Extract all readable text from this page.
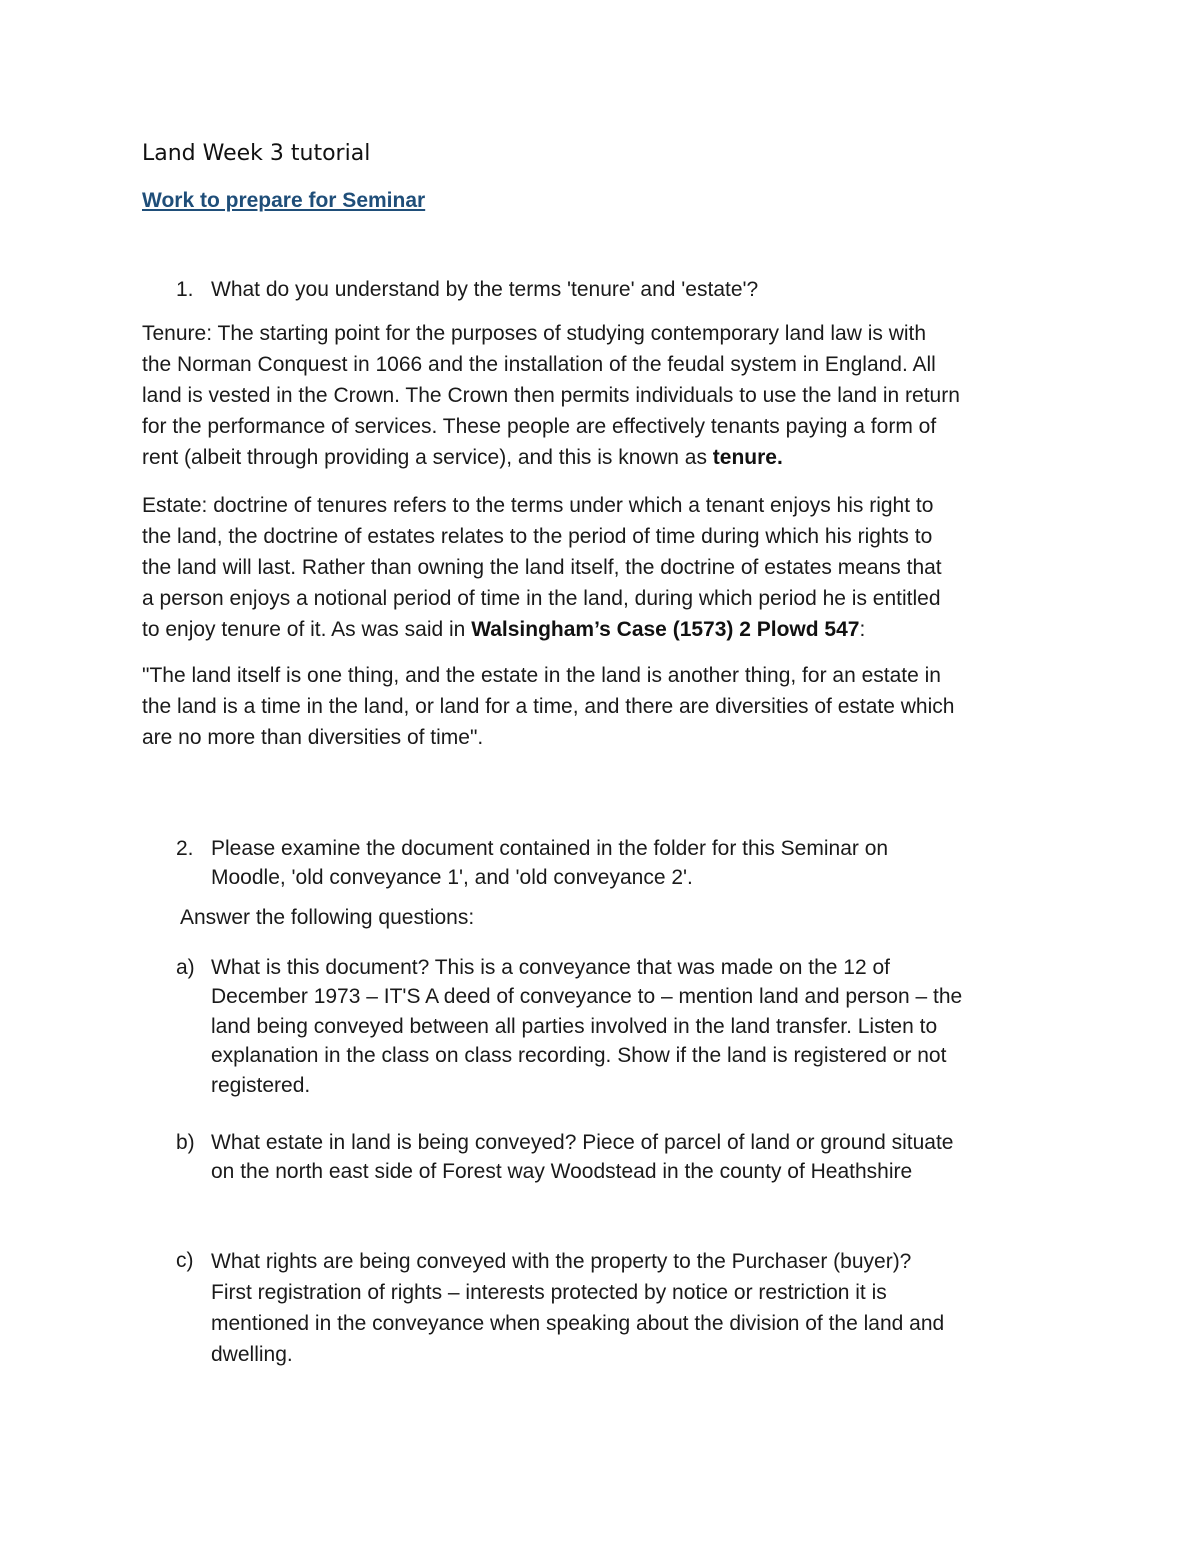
Land Week 3 tutorial
Work to prepare for Seminar
1. What do you understand by the terms 'tenure' and 'estate'?
Tenure: The starting point for the purposes of studying contemporary land law is with
the Norman Conquest in 1066 and the installation of the feudal system in England. All
land is vested in the Crown. The Crown then permits individuals to use the land in return
for the performance of services. These people are effectively tenants paying a form of
rent (albeit through providing a service), and this is known as tenure.
Estate: doctrine of tenures refers to the terms under which a tenant enjoys his right to
the land, the doctrine of estates relates to the period of time during which his rights to
the land will last. Rather than owning the land itself, the doctrine of estates means that
a person enjoys a notional period of time in the land, during which period he is entitled
to enjoy tenure of it. As was said in Walsingham’s Case (1573) 2 Plowd 547:
"The land itself is one thing, and the estate in the land is another thing, for an estate in
the land is a time in the land, or land for a time, and there are diversities of estate which
are no more than diversities of time".
2. Please examine the document contained in the folder for this Seminar on
Moodle, 'old conveyance 1', and 'old conveyance 2'.
Answer the following questions:
a) What is this document? This is a conveyance that was made on the 12 of
December 1973 – IT'S A deed of conveyance to – mention land and person – the
land being conveyed between all parties involved in the land transfer. Listen to
explanation in the class on class recording. Show if the land is registered or not
registered.
b) What estate in land is being conveyed? Piece of parcel of land or ground situate
on the north east side of Forest way Woodstead in the county of Heathshire
c) What rights are being conveyed with the property to the Purchaser (buyer)?
First registration of rights – interests protected by notice or restriction it is
mentioned in the conveyance when speaking about the division of the land and
dwelling.
